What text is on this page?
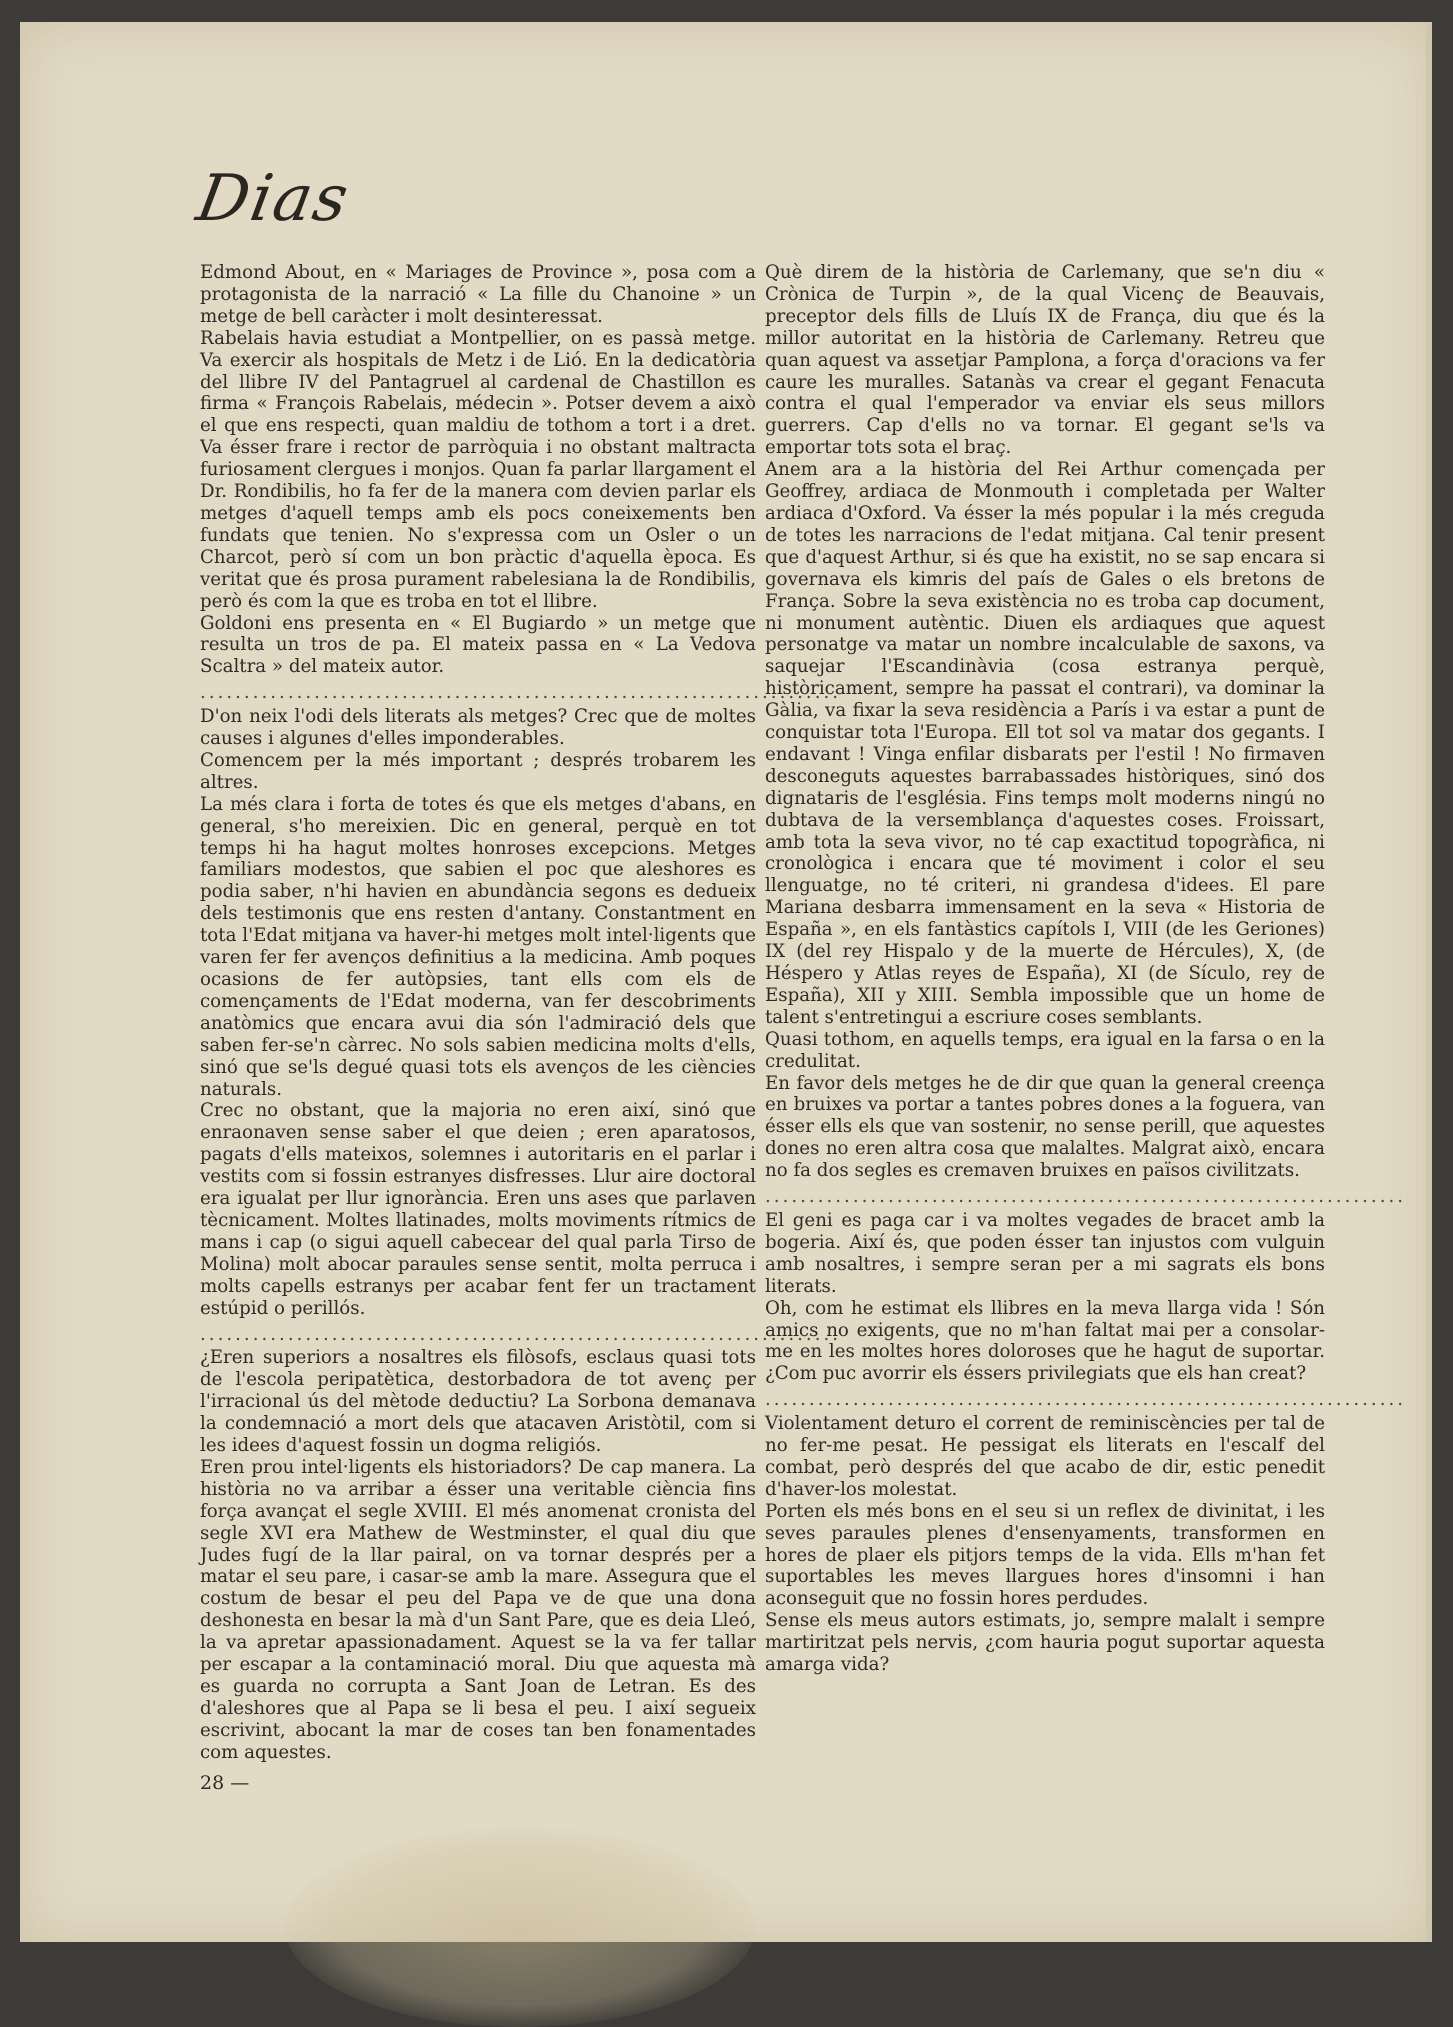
Dias

Edmond About, en « Mariages de Province », posa com a protagonista de la narració « La fille du Chanoine » un metge de bell caràcter i molt desinteressat.

Rabelais havia estudiat a Montpellier, on es passà metge. Va exercir als hospitals de Metz i de Lió. En la dedicatòria del llibre IV del Pantagruel al cardenal de Chastillon es firma « François Rabelais, médecin ». Potser devem a això el que ens respecti, quan maldiu de tothom a tort i a dret. Va ésser frare i rector de parròquia i no obstant maltracta furiosament clergues i monjos. Quan fa parlar llargament el Dr. Rondibilis, ho fa fer de la manera com devien parlar els metges d'aquell temps amb els pocs coneixements ben fundats que tenien. No s'expressa com un Osler o un Charcot, però sí com un bon pràctic d'aquella època. Es veritat que és prosa purament rabelesiana la de Rondibilis, però és com la que es troba en tot el llibre.

Goldoni ens presenta en « El Bugiardo » un metge que resulta un tros de pa. El mateix passa en « La Vedova Scaltra » del mateix autor.

.........................................................................

D'on neix l'odi dels literats als metges? Crec que de moltes causes i algunes d'elles imponderables.

Comencem per la més important ; després trobarem les altres.

La més clara i forta de totes és que els metges d'abans, en general, s'ho mereixien. Dic en general, perquè en tot temps hi ha hagut moltes honroses excepcions. Metges familiars modestos, que sabien el poc que aleshores es podia saber, n'hi havien en abundància segons es dedueix dels testimonis que ens resten d'antany. Constantment en tota l'Edat mitjana va haver-hi metges molt intel·ligents que varen fer fer avenços definitius a la medicina. Amb poques ocasions de fer autòpsies, tant ells com els de començaments de l'Edat moderna, van fer descobriments anatòmics que encara avui dia són l'admiració dels que saben fer-se'n càrrec. No sols sabien medicina molts d'ells, sinó que se'ls degué quasi tots els avenços de les ciències naturals.

Crec no obstant, que la majoria no eren així, sinó que enraonaven sense saber el que deien ; eren aparatosos, pagats d'ells mateixos, solemnes i autoritaris en el parlar i vestits com si fossin estranyes disfresses. Llur aire doctoral era igualat per llur ignorància. Eren uns ases que parlaven tècnicament. Moltes llatinades, molts moviments rítmics de mans i cap (o sigui aquell cabecear del qual parla Tirso de Molina) molt abocar paraules sense sentit, molta perruca i molts capells estranys per acabar fent fer un tractament estúpid o perillós.

.........................................................................

¿Eren superiors a nosaltres els filòsofs, esclaus quasi tots de l'escola peripatètica, destorbadora de tot avenç per l'irracional ús del mètode deductiu? La Sorbona demanava la condemnació a mort dels que atacaven Aristòtil, com si les idees d'aquest fossin un dogma religiós.

Eren prou intel·ligents els historiadors? De cap manera. La història no va arribar a ésser una veritable ciència fins força avançat el segle XVIII. El més anomenat cronista del segle XVI era Mathew de Westminster, el qual diu que Judes fugí de la llar pairal, on va tornar després per a matar el seu pare, i casar-se amb la mare. Assegura que el costum de besar el peu del Papa ve de que una dona deshonesta en besar la mà d'un Sant Pare, que es deia Lleó, la va apretar apassionadament. Aquest se la va fer tallar per escapar a la contaminació moral. Diu que aquesta mà es guarda no corrupta a Sant Joan de Letran. Es des d'aleshores que al Papa se li besa el peu. I així segueix escrivint, abocant la mar de coses tan ben fonamentades com aquestes.

Què direm de la història de Carlemany, que se'n diu « Crònica de Turpin », de la qual Vicenç de Beauvais, preceptor dels fills de Lluís IX de França, diu que és la millor autoritat en la història de Carlemany. Retreu que quan aquest va assetjar Pamplona, a força d'oracions va fer caure les muralles. Satanàs va crear el gegant Fenacuta contra el qual l'emperador va enviar els seus millors guerrers. Cap d'ells no va tornar. El gegant se'ls va emportar tots sota el braç.

Anem ara a la història del Rei Arthur començada per Geoffrey, ardiaca de Monmouth i completada per Walter ardiaca d'Oxford. Va ésser la més popular i la més creguda de totes les narracions de l'edat mitjana. Cal tenir present que d'aquest Arthur, si és que ha existit, no se sap encara si governava els kimris del país de Gales o els bretons de França. Sobre la seva existència no es troba cap document, ni monument autèntic. Diuen els ardiaques que aquest personatge va matar un nombre incalculable de saxons, va saquejar l'Escandinàvia (cosa estranya perquè, històricament, sempre ha passat el contrari), va dominar la Gàlia, va fixar la seva residència a París i va estar a punt de conquistar tota l'Europa. Ell tot sol va matar dos gegants. I endavant ! Vinga enfilar disbarats per l'estil ! No firmaven desconeguts aquestes barrabassades històriques, sinó dos dignataris de l'església. Fins temps molt moderns ningú no dubtava de la versemblança d'aquestes coses. Froissart, amb tota la seva vivor, no té cap exactitud topogràfica, ni cronològica i encara que té moviment i color el seu llenguatge, no té criteri, ni grandesa d'idees. El pare Mariana desbarra immensament en la seva « Historia de España », en els fantàstics capítols I, VIII (de les Geriones) IX (del rey Hispalo y de la muerte de Hércules), X, (de Héspero y Atlas reyes de España), XI (de Sículo, rey de España), XII y XIII. Sembla impossible que un home de talent s'entretingui a escriure coses semblants.

Quasi tothom, en aquells temps, era igual en la farsa o en la credulitat.

En favor dels metges he de dir que quan la general creença en bruixes va portar a tantes pobres dones a la foguera, van ésser ells els que van sostenir, no sense perill, que aquestes dones no eren altra cosa que malaltes. Malgrat això, encara no fa dos segles es cremaven bruixes en països civilitzats.

.........................................................................

El geni es paga car i va moltes vegades de bracet amb la bogeria. Així és, que poden ésser tan injustos com vulguin amb nosaltres, i sempre seran per a mi sagrats els bons literats.

Oh, com he estimat els llibres en la meva llarga vida ! Són amics no exigents, que no m'han faltat mai per a consolar-me en les moltes hores doloroses que he hagut de suportar. ¿Com puc avorrir els éssers privilegiats que els han creat?

.........................................................................

Violentament deturo el corrent de reminiscències per tal de no fer-me pesat. He pessigat els literats en l'escalf del combat, però després del que acabo de dir, estic penedit d'haver-los molestat.

Porten els més bons en el seu si un reflex de divinitat, i les seves paraules plenes d'ensenyaments, transformen en hores de plaer els pitjors temps de la vida. Ells m'han fet suportables les meves llargues hores d'insomni i han aconseguit que no fossin hores perdudes.

Sense els meus autors estimats, jo, sempre malalt i sempre martiritzat pels nervis, ¿com hauria pogut suportar aquesta amarga vida?

28 —
